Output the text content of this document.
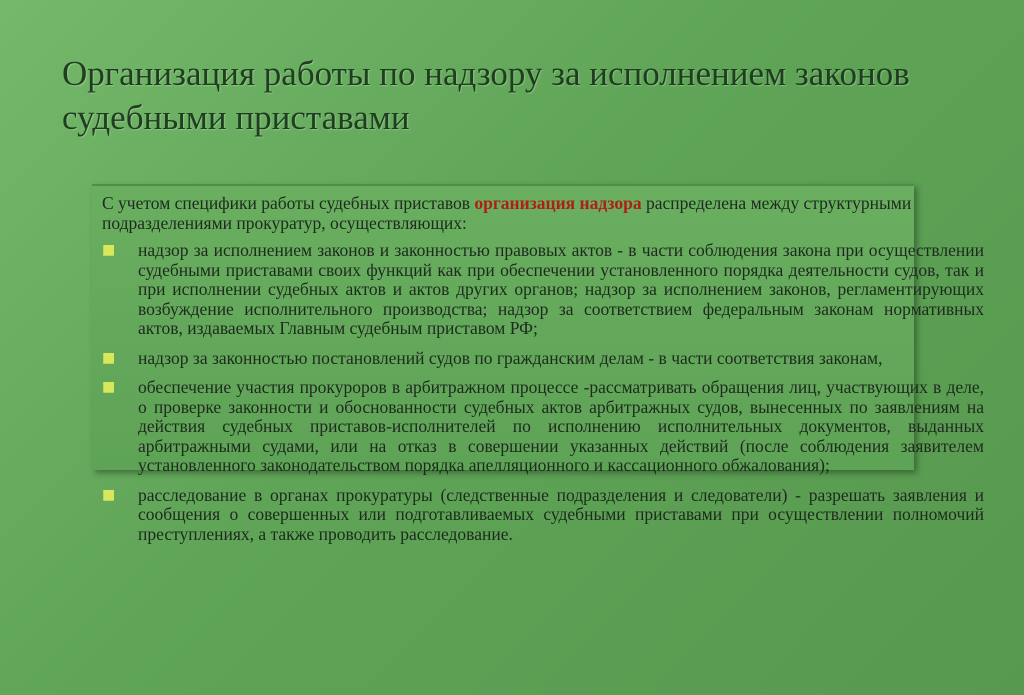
Организация работы по надзору за исполнением законов судебными приставами

С учетом специфики работы судебных приставов организация надзора распределена между структурными подразделениями прокуратур, осуществляющих:

■ надзор за исполнением законов и законностью правовых актов - в части соблюдения закона при осуществлении судебными приставами своих функций как при обеспечении установленного порядка деятельности судов, так и при исполнении судебных актов и актов других органов; надзор за исполнением законов, регламентирующих возбуждение исполнительного производства; надзор за соответствием федеральным законам нормативных актов, издаваемых Главным судебным приставом РФ;
■ надзор за законностью постановлений судов по гражданским делам - в части соответствия законам,
■ обеспечение участия прокуроров в арбитражном процессе -рассматривать обращения лиц, участвующих в деле, о проверке законности и обоснованности судебных актов арбитражных судов, вынесенных по заявлениям на действия судебных приставов-исполнителей по исполнению исполнительных документов, выданных арбитражными судами, или на отказ в совершении указанных действий (после соблюдения заявителем установленного законодательством порядка апелляционного и кассационного обжалования);
■ расследование в органах прокуратуры (следственные подразделения и следователи) - разрешать заявления и сообщения о совершенных или подготавливаемых судебными приставами при осуществлении полномочий преступлениях, а также проводить расследование.
